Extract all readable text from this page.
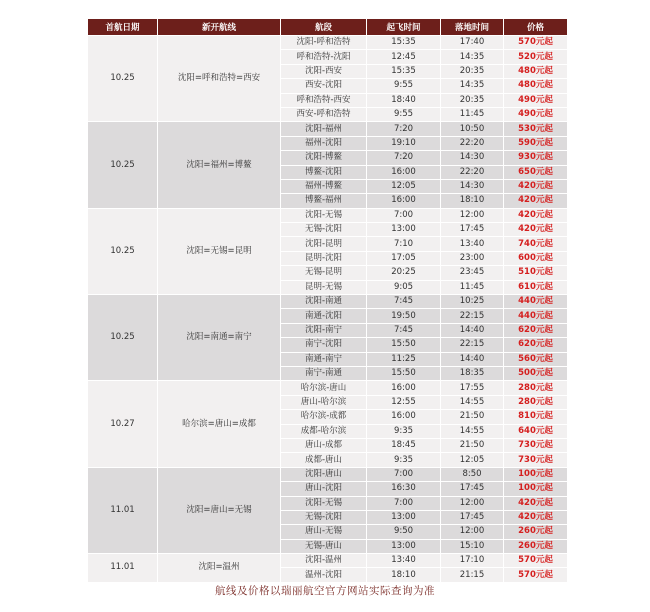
首航日期	新开航线	航段	起飞时间	落地时间	价格
10.25	沈阳=呼和浩特=西安	沈阳-呼和浩特	15:35	17:40	570元起
		呼和浩特-沈阳	12:45	14:35	520元起
		沈阳-西安	15:35	20:35	480元起
		西安-沈阳	9:55	14:35	480元起
		呼和浩特-西安	18:40	20:35	490元起
		西安-呼和浩特	9:55	11:45	490元起
10.25	沈阳=福州=博鳌	沈阳-福州	7:20	10:50	530元起
		福州-沈阳	19:10	22:20	590元起
		沈阳-博鳌	7:20	14:30	930元起
		博鳌-沈阳	16:00	22:20	650元起
		福州-博鳌	12:05	14:30	420元起
		博鳌-福州	16:00	18:10	420元起
10.25	沈阳=无锡=昆明	沈阳-无锡	7:00	12:00	420元起
		无锡-沈阳	13:00	17:45	420元起
		沈阳-昆明	7:10	13:40	740元起
		昆明-沈阳	17:05	23:00	600元起
		无锡-昆明	20:25	23:45	510元起
		昆明-无锡	9:05	11:45	610元起
10.25	沈阳=南通=南宁	沈阳-南通	7:45	10:25	440元起
		南通-沈阳	19:50	22:15	440元起
		沈阳-南宁	7:45	14:40	620元起
		南宁-沈阳	15:50	22:15	620元起
		南通-南宁	11:25	14:40	560元起
		南宁-南通	15:50	18:35	500元起
10.27	哈尔滨=唐山=成都	哈尔滨-唐山	16:00	17:55	280元起
		唐山-哈尔滨	12:55	14:55	280元起
		哈尔滨-成都	16:00	21:50	810元起
		成都-哈尔滨	9:35	14:55	640元起
		唐山-成都	18:45	21:50	730元起
		成都-唐山	9:35	12:05	730元起
11.01	沈阳=唐山=无锡	沈阳-唐山	7:00	8:50	100元起
		唐山-沈阳	16:30	17:45	100元起
		沈阳-无锡	7:00	12:00	420元起
		无锡-沈阳	13:00	17:45	420元起
		唐山-无锡	9:50	12:00	260元起
		无锡-唐山	13:00	15:10	260元起
11.01	沈阳=温州	沈阳-温州	13:40	17:10	570元起
		温州-沈阳	18:10	21:15	570元起
航线及价格以瑞丽航空官方网站实际查询为准
